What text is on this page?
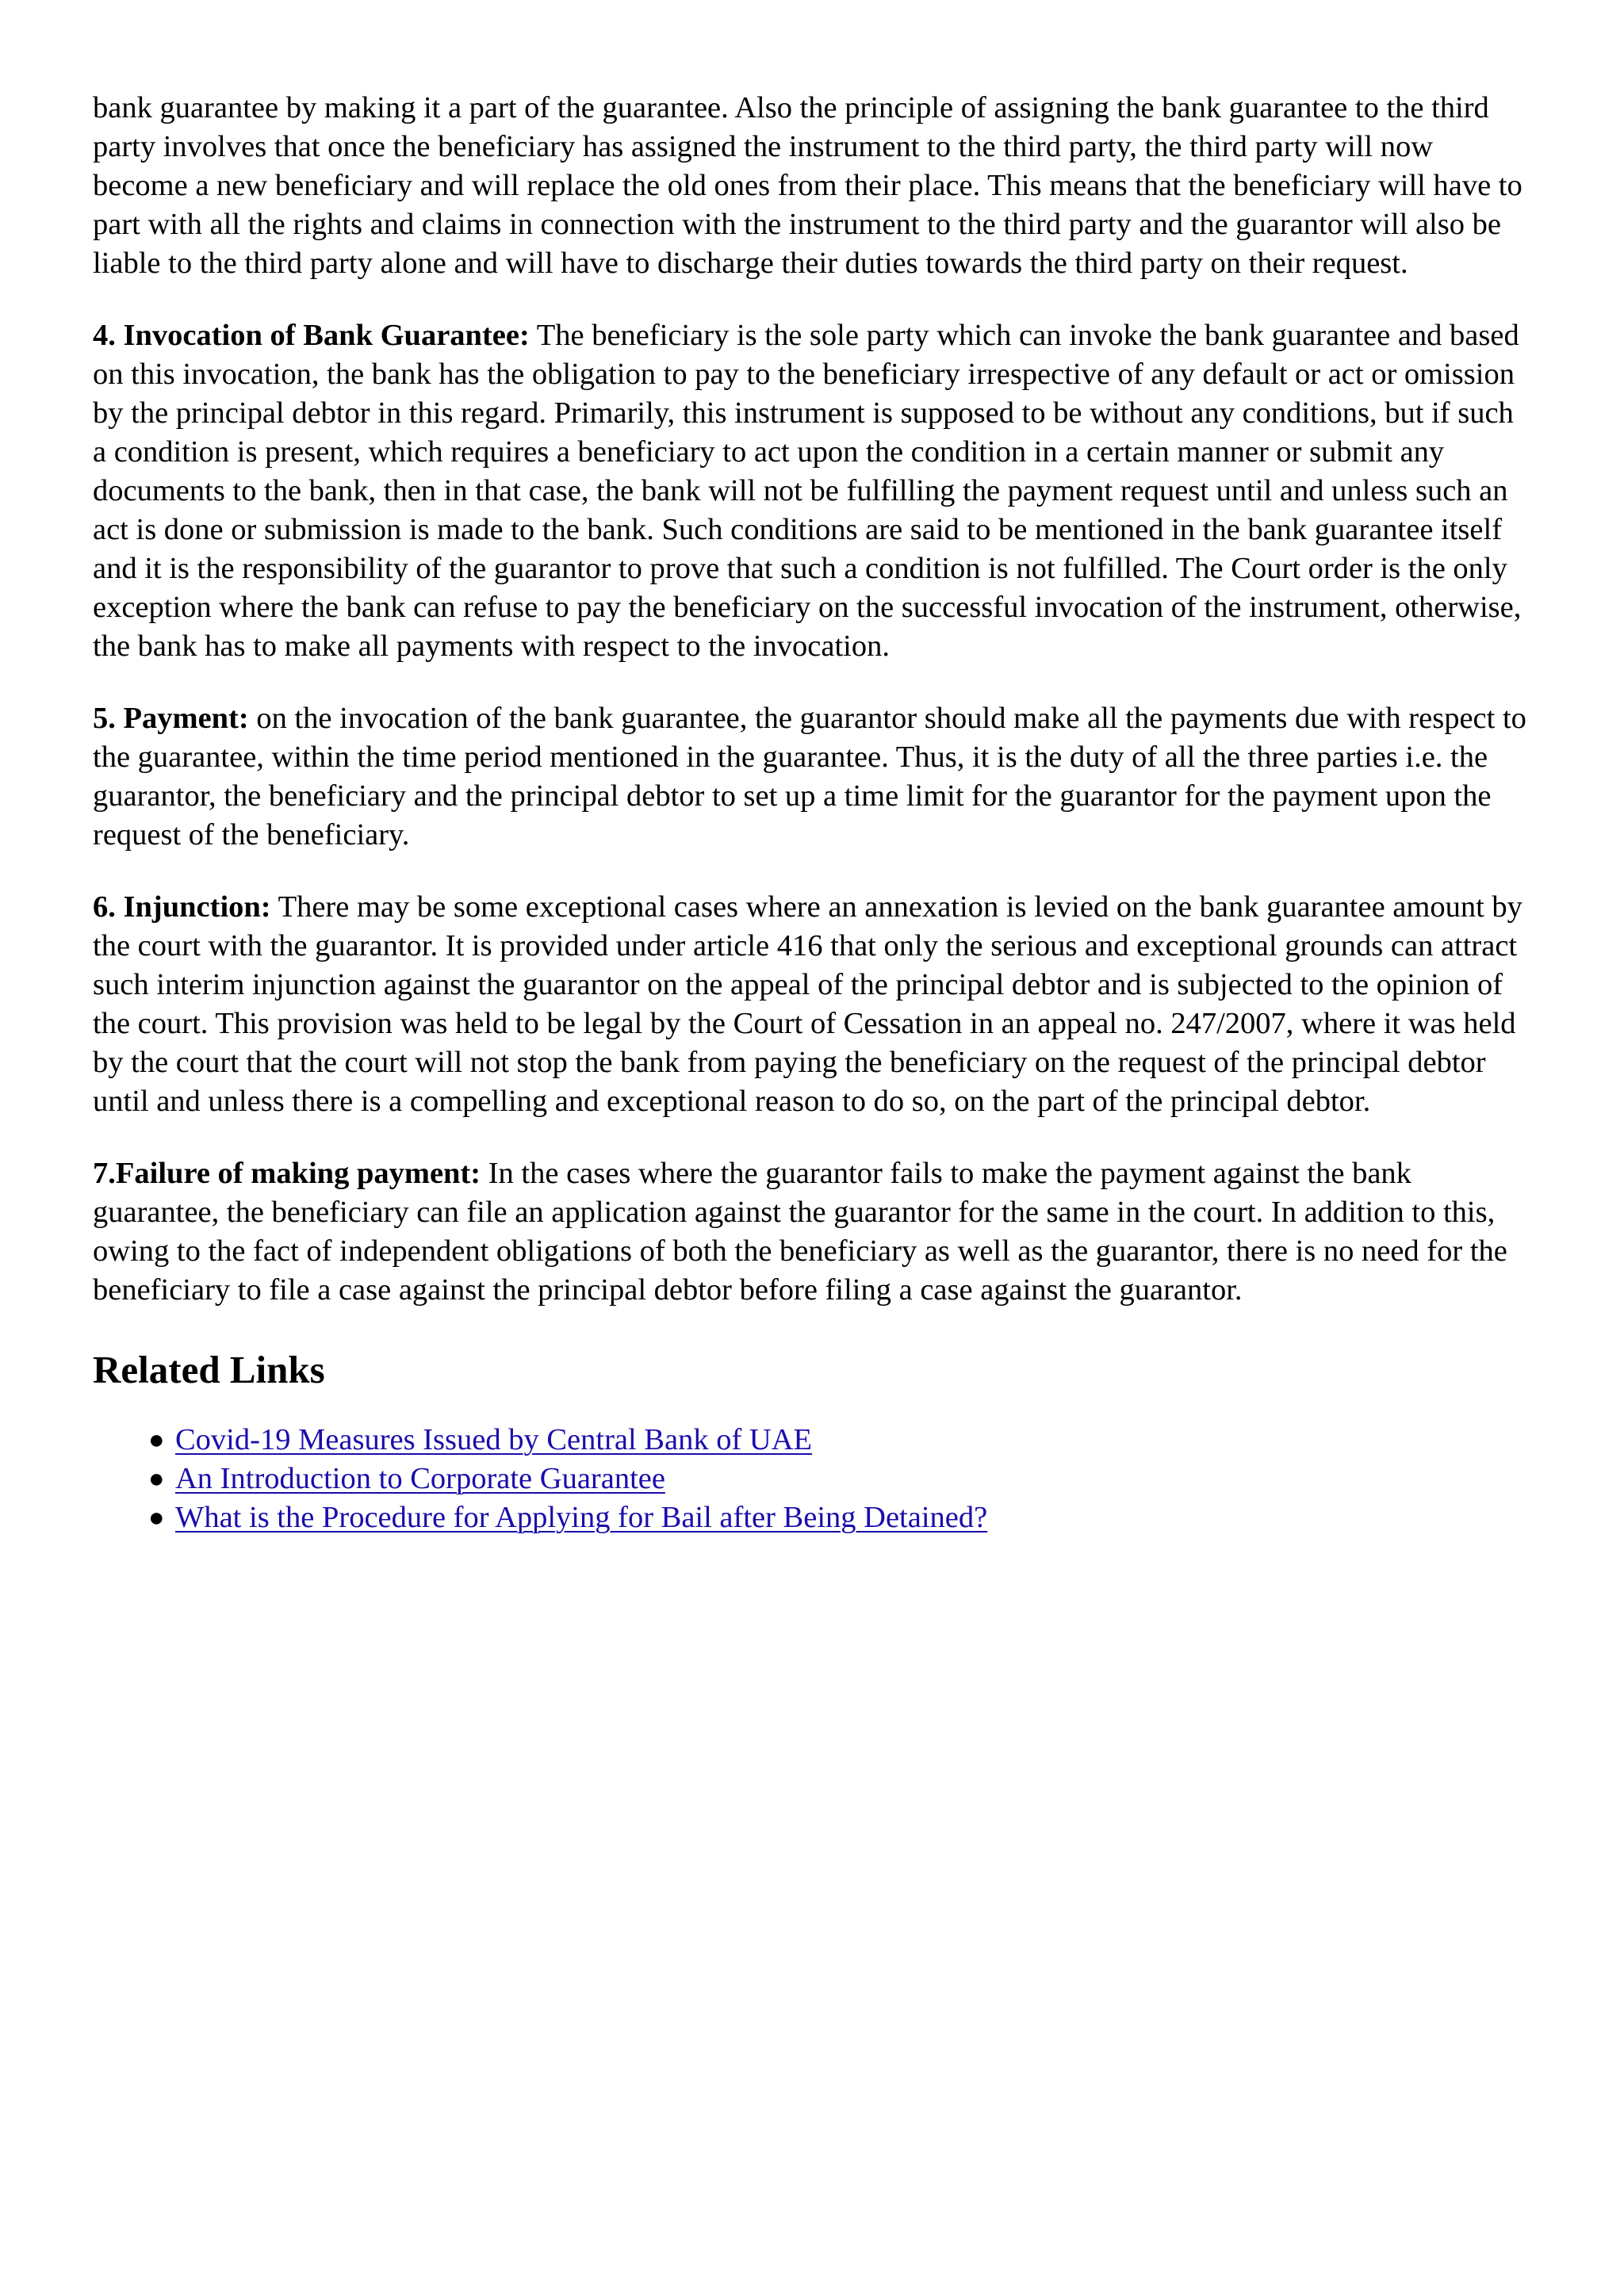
bank guarantee by making it a part of the guarantee. Also the principle of assigning the bank guarantee to the third party involves that once the beneficiary has assigned the instrument to the third party, the third party will now become a new beneficiary and will replace the old ones from their place. This means that the beneficiary will have to part with all the rights and claims in connection with the instrument to the third party and the guarantor will also be liable to the third party alone and will have to discharge their duties towards the third party on their request.

4. Invocation of Bank Guarantee: The beneficiary is the sole party which can invoke the bank guarantee and based on this invocation, the bank has the obligation to pay to the beneficiary irrespective of any default or act or omission by the principal debtor in this regard. Primarily, this instrument is supposed to be without any conditions, but if such a condition is present, which requires a beneficiary to act upon the condition in a certain manner or submit any documents to the bank, then in that case, the bank will not be fulfilling the payment request until and unless such an act is done or submission is made to the bank. Such conditions are said to be mentioned in the bank guarantee itself and it is the responsibility of the guarantor to prove that such a condition is not fulfilled. The Court order is the only exception where the bank can refuse to pay the beneficiary on the successful invocation of the instrument, otherwise, the bank has to make all payments with respect to the invocation.

5. Payment: on the invocation of the bank guarantee, the guarantor should make all the payments due with respect to the guarantee, within the time period mentioned in the guarantee. Thus, it is the duty of all the three parties i.e. the guarantor, the beneficiary and the principal debtor to set up a time limit for the guarantor for the payment upon the request of the beneficiary.

6. Injunction: There may be some exceptional cases where an annexation is levied on the bank guarantee amount by the court with the guarantor. It is provided under article 416 that only the serious and exceptional grounds can attract such interim injunction against the guarantor on the appeal of the principal debtor and is subjected to the opinion of the court. This provision was held to be legal by the Court of Cessation in an appeal no. 247/2007, where it was held by the court that the court will not stop the bank from paying the beneficiary on the request of the principal debtor until and unless there is a compelling and exceptional reason to do so, on the part of the principal debtor.

7.Failure of making payment: In the cases where the guarantor fails to make the payment against the bank guarantee, the beneficiary can file an application against the guarantor for the same in the court. In addition to this, owing to the fact of independent obligations of both the beneficiary as well as the guarantor, there is no need for the beneficiary to file a case against the principal debtor before filing a case against the guarantor.

Related Links
● Covid-19 Measures Issued by Central Bank of UAE
● An Introduction to Corporate Guarantee
● What is the Procedure for Applying for Bail after Being Detained?
